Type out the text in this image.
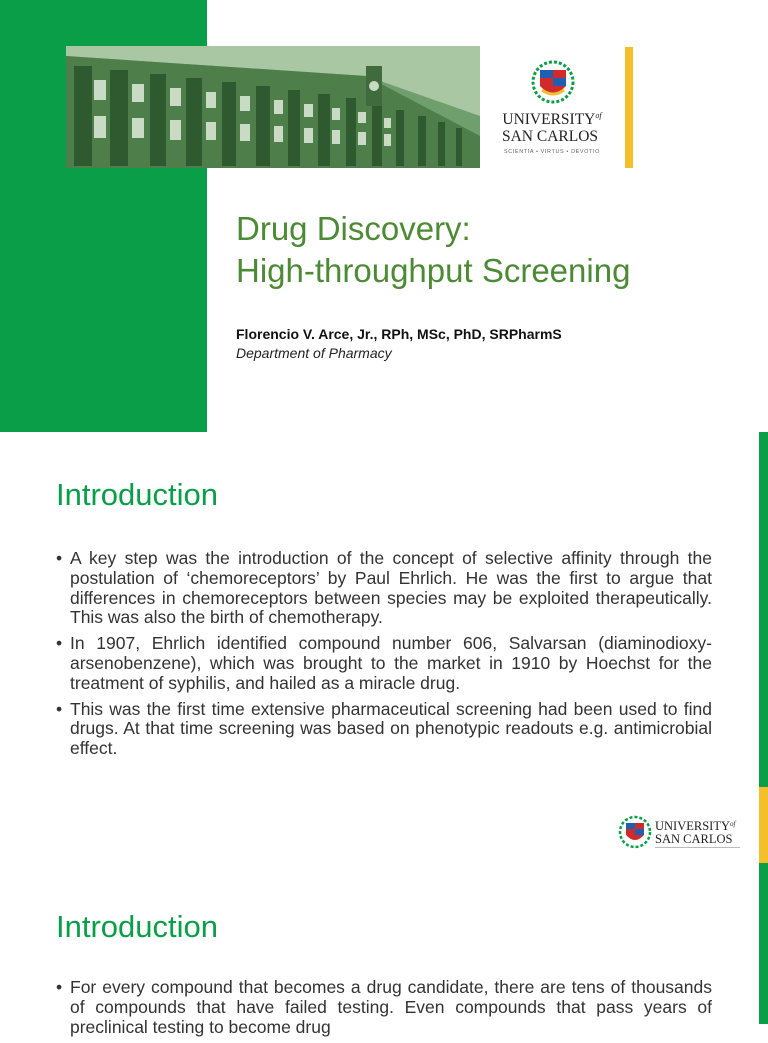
$UNIVERSITY^{of}$
SAN CARLOS
SCIENTIA • VIRTUS • DEVOTIO
Drug Discovery:
High-throughput Screening
Florencio V. Arce, Jr., RPh, MSc, PhD, SRPharmS
Department of Pharmacy
Introduction
• A key step was the introduction of the concept of selective affinity through the postulation of ‘chemoreceptors’ by Paul Ehrlich. He was the first to argue that differences in chemoreceptors between species may be exploited therapeutically. This was also the birth of chemotherapy.
• In 1907, Ehrlich identified compound number 606, Salvarsan (diaminodioxy-arsenobenzene), which was brought to the market in 1910 by Hoechst for the treatment of syphilis, and hailed as a miracle drug.
• This was the first time extensive pharmaceutical screening had been used to find drugs. At that time screening was based on phenotypic readouts e.g. antimicrobial effect.
$UNIVERSITY^{of}$
SAN CARLOS
Introduction
• For every compound that becomes a drug candidate, there are tens of thousands of compounds that have failed testing. Even compounds that pass years of preclinical testing to become drug
